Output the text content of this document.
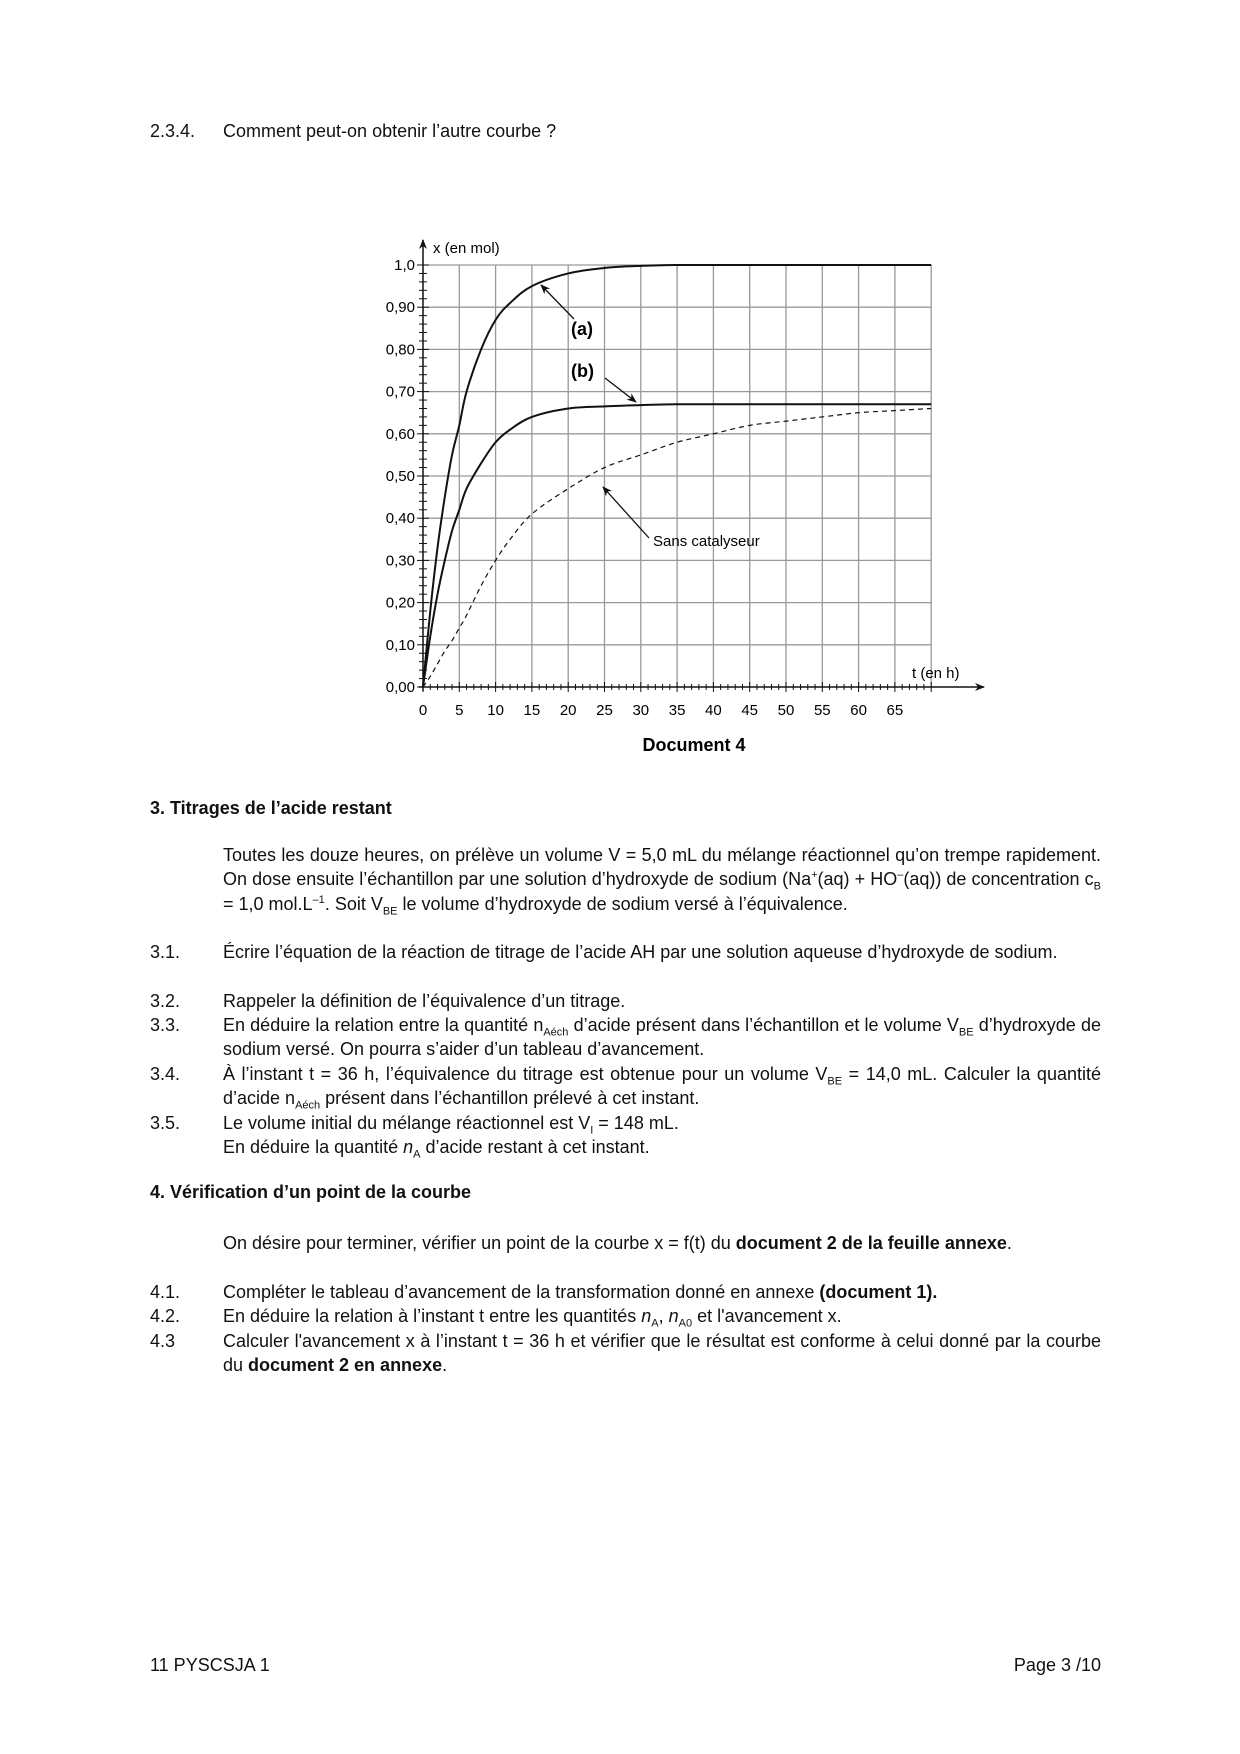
2.3.4.	Comment peut-on obtenir l’autre courbe ?
0,00
0,10
0,20
0,30
0,40
0,50
0,60
0,70
0,80
0,90
1,0
0 5 10 15 20 25 30 35 40 45 50 55 60 65
x (en mol)
t (en h)
(a)
(b)
Sans catalyseur
Document 4
3. Titrages de l’acide restant
Toutes les douze heures, on prélève un volume V = 5,0 mL du mélange réactionnel qu’on trempe rapidement. On dose ensuite l’échantillon par une solution d’hydroxyde de sodium (Na+(aq) + HO–(aq)) de concentration $c_B = 1,0$ $mol.L^{-1}$. Soit $V_{BE}$ le volume d’hydroxyde de sodium versé à l’équivalence.
3.1.	Écrire l’équation de la réaction de titrage de l’acide AH par une solution aqueuse d’hydroxyde de sodium.
3.2.	Rappeler la définition de l’équivalence d’un titrage.
3.3.	En déduire la relation entre la quantité $n_{Aéch}$ d’acide présent dans l’échantillon et le volume $V_{BE}$ d’hydroxyde de sodium versé. On pourra s’aider d’un tableau d’avancement.
3.4.	À l’instant t = 36 h, l’équivalence du titrage est obtenue pour un volume $V_{BE} = 14,0$ mL. Calculer la quantité d’acide $n_{Aéch}$ présent dans l’échantillon prélevé à cet instant.
3.5.	Le volume initial du mélange réactionnel est $V_I = 148$ mL.
En déduire la quantité $n_A$ d’acide restant à cet instant.
4. Vérification d’un point de la courbe
On désire pour terminer, vérifier un point de la courbe x = f(t) du document 2 de la feuille annexe.
4.1.	Compléter le tableau d’avancement de la transformation donné en annexe (document 1).
4.2.	En déduire la relation à l’instant t entre les quantités $n_A$, $n_{A0}$ et l'avancement x.
4.3	Calculer l'avancement x à l’instant t = 36 h et vérifier que le résultat est conforme à celui donné par la courbe du document 2 en annexe.
11 PYSCSJA 1	Page 3 /10
